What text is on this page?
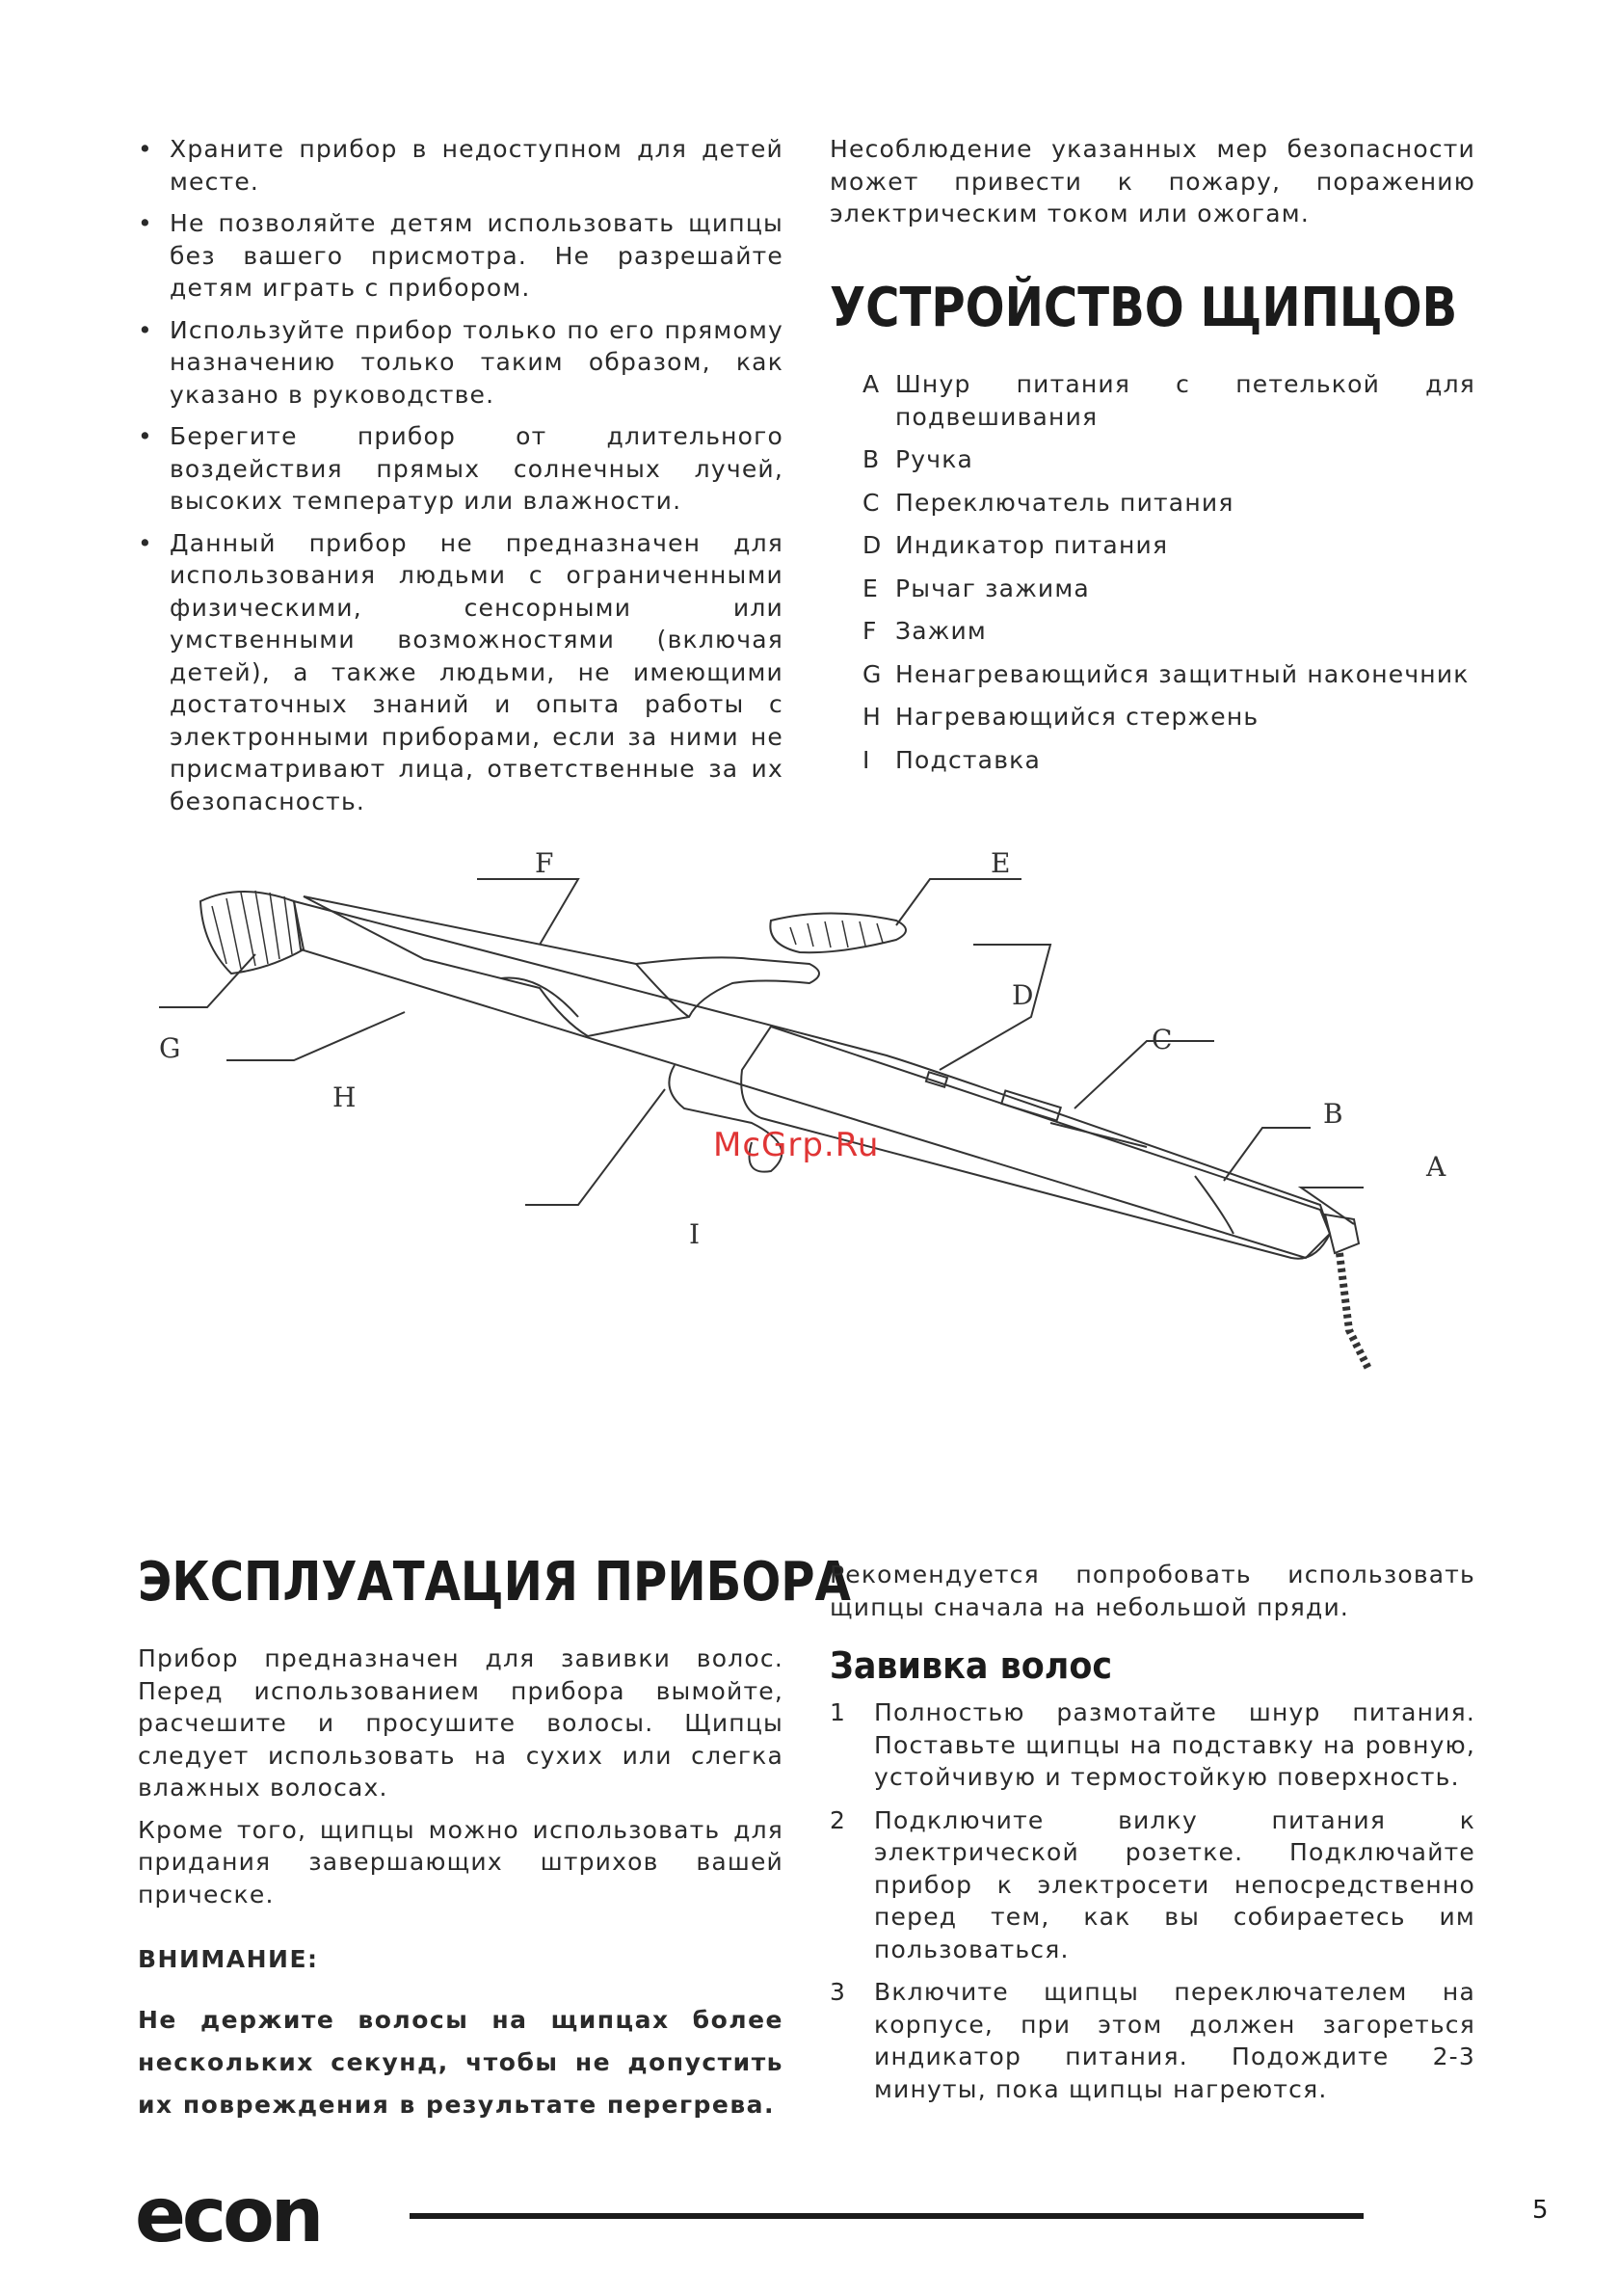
• Храните прибор в недоступном для детей месте.
• Не позволяйте детям использовать щипцы без вашего присмотра. Не разрешайте детям играть с прибором.
• Используйте прибор только по его прямому назначению только таким образом, как указано в руководстве.
• Берегите прибор от длительного воздействия прямых солнечных лучей, высоких температур или влажности.
• Данный прибор не предназначен для использования людьми с ограниченными физическими, сенсорными или умственными возможностями (включая детей), а также людьми, не имеющими достаточных знаний и опыта работы с электронными приборами, если за ними не присматривают лица, ответственные за их безопасность.

Несоблюдение указанных мер безопасности может привести к пожару, поражению электрическим током или ожогам.

УСТРОЙСТВО ЩИПЦОВ
A Шнур питания с петелькой для подвешивания
B Ручка
C Переключатель питания
D Индикатор питания
E Рычаг зажима
F Зажим
G Ненагревающийся защитный наконечник
H Нагревающийся стержень
I Подставка
A
B
C
D
E
F
G
H
I
McGrp.Ru
ЭКСПЛУАТАЦИЯ ПРИБОРА

Прибор предназначен для завивки волос. Перед использованием прибора вымойте, расчешите и просушите волосы. Щипцы следует использовать на сухих или слегка влажных волосах.

Кроме того, щипцы можно использовать для придания завершающих штрихов вашей прическе.

ВНИМАНИЕ:

Не держите волосы на щипцах более нескольких секунд, чтобы не допустить их повреждения в результате перегрева.

Рекомендуется попробовать использовать щипцы сначала на небольшой пряди.

Завивка волос
1 Полностью размотайте шнур питания. Поставьте щипцы на подставку на ровную, устойчивую и термостойкую поверхность.
2 Подключите вилку питания к электрической розетке. Подключайте прибор к электросети непосредственно перед тем, как вы собираетесь им пользоваться.
3 Включите щипцы переключателем на корпусе, при этом должен загореться индикатор питания. Подождите 2-3 минуты, пока щипцы нагреются.
econ	5
